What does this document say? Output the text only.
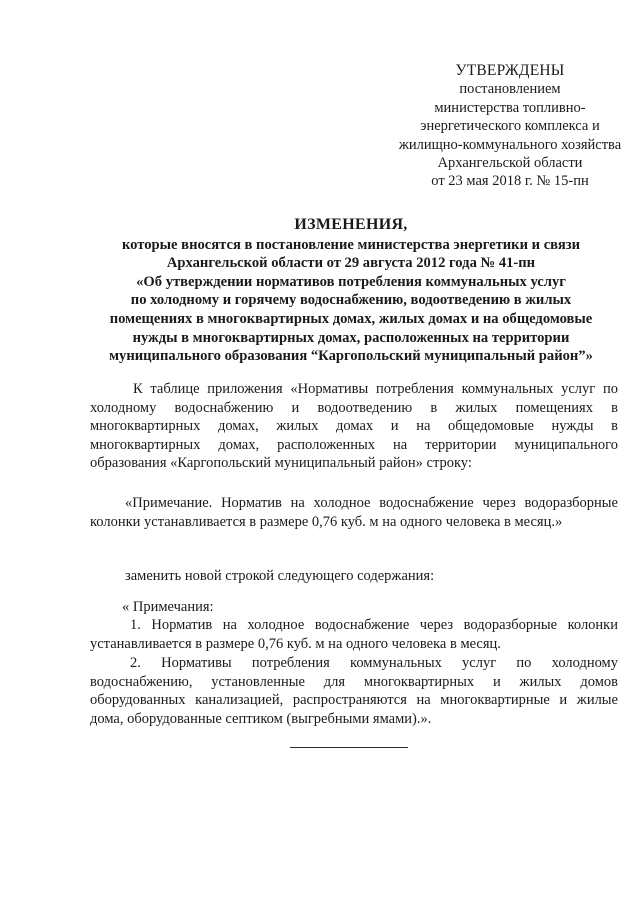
УТВЕРЖДЕНЫ
постановлением
министерства топливно-
энергетического комплекса и
жилищно-коммунального хозяйства
Архангельской области
от 23 мая 2018 г. № 15-пн
ИЗМЕНЕНИЯ,
которые вносятся в постановление министерства энергетики и связи
Архангельской области от 29 августа 2012 года № 41-пн
«Об утверждении нормативов потребления коммунальных услуг
по холодному и горячему водоснабжению, водоотведению в жилых
помещениях в многоквартирных домах, жилых домах и на общедомовые
нужды в многоквартирных домах, расположенных на территории
муниципального образования “Каргопольский муниципальный район”»
К таблице приложения «Нормативы потребления коммунальных услуг по холодному водоснабжению и водоотведению в жилых помещениях в многоквартирных домах, жилых домах и на общедомовые нужды в многоквартирных домах, расположенных на территории муниципального образования «Каргопольский муниципальный район» строку:
«Примечание. Норматив на холодное водоснабжение через водоразборные колонки устанавливается в размере 0,76 куб. м на одного человека в месяц.»
заменить новой строкой следующего содержания:
« Примечания:
1. Норматив на холодное водоснабжение через водоразборные колонки устанавливается в размере 0,76 куб. м на одного человека в месяц.
2. Нормативы потребления коммунальных услуг по холодному водоснабжению, установленные для многоквартирных и жилых домов оборудованных канализацией, распространяются на многоквартирные и жилые дома, оборудованные септиком (выгребными ямами).».
